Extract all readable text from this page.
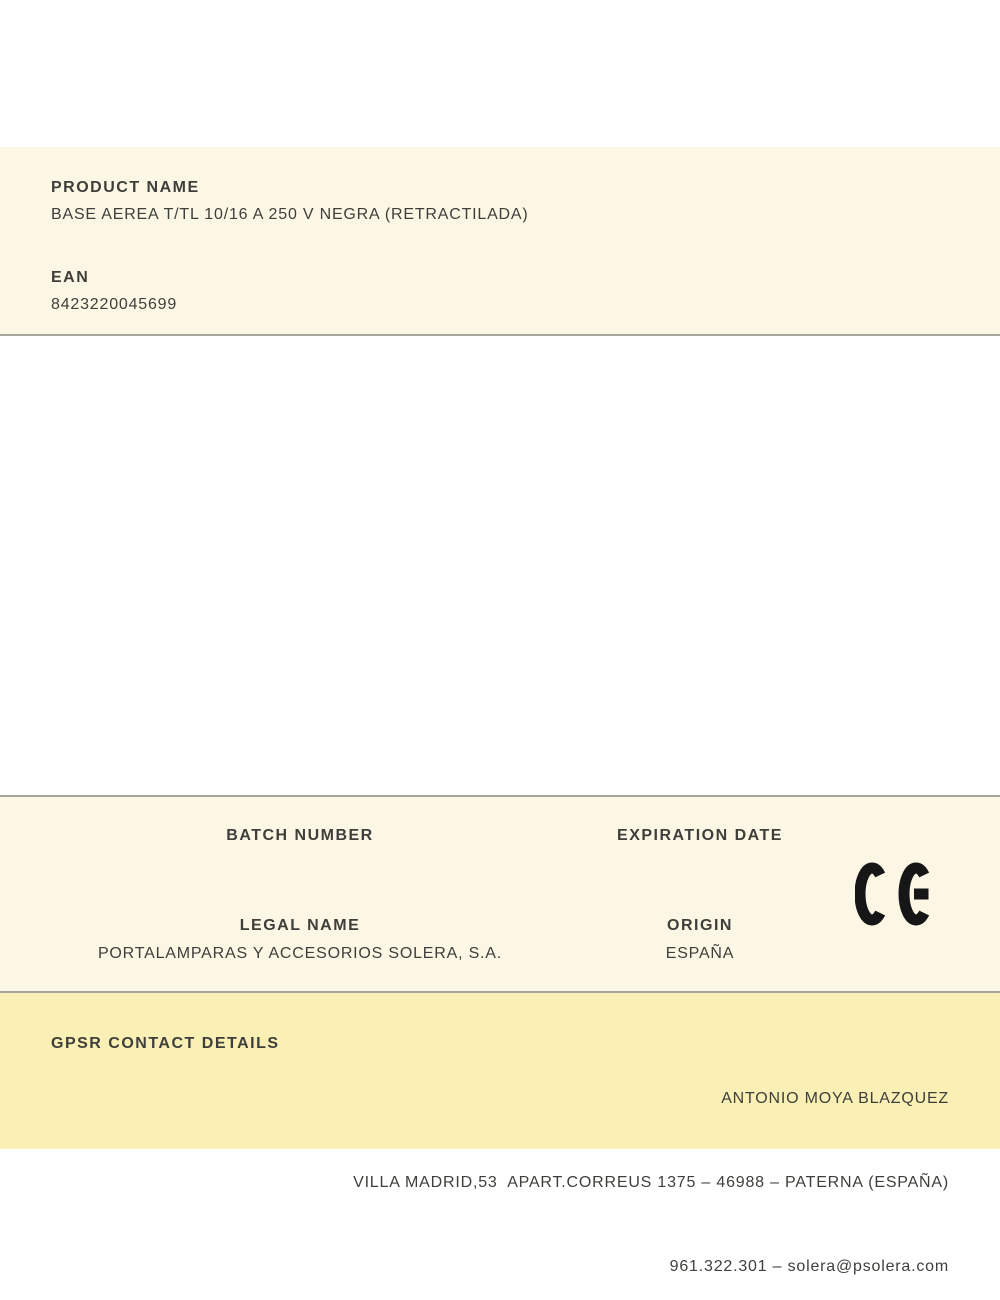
PRODUCT NAME
BASE AEREA T/TL 10/16 A 250 V NEGRA (RETRACTILADA)
EAN
8423220045699
BATCH NUMBER
LEGAL NAME
PORTALAMPARAS Y ACCESORIOS SOLERA, S.A.
EXPIRATION DATE
ORIGIN
ESPAÑA
GPSR CONTACT DETAILS

ANTONIO MOYA BLAZQUEZ

VILLA MADRID,53  APART.CORREUS 1375 – 46988 – PATERNA (ESPAÑA)

961.322.301 – solera@psolera.com
